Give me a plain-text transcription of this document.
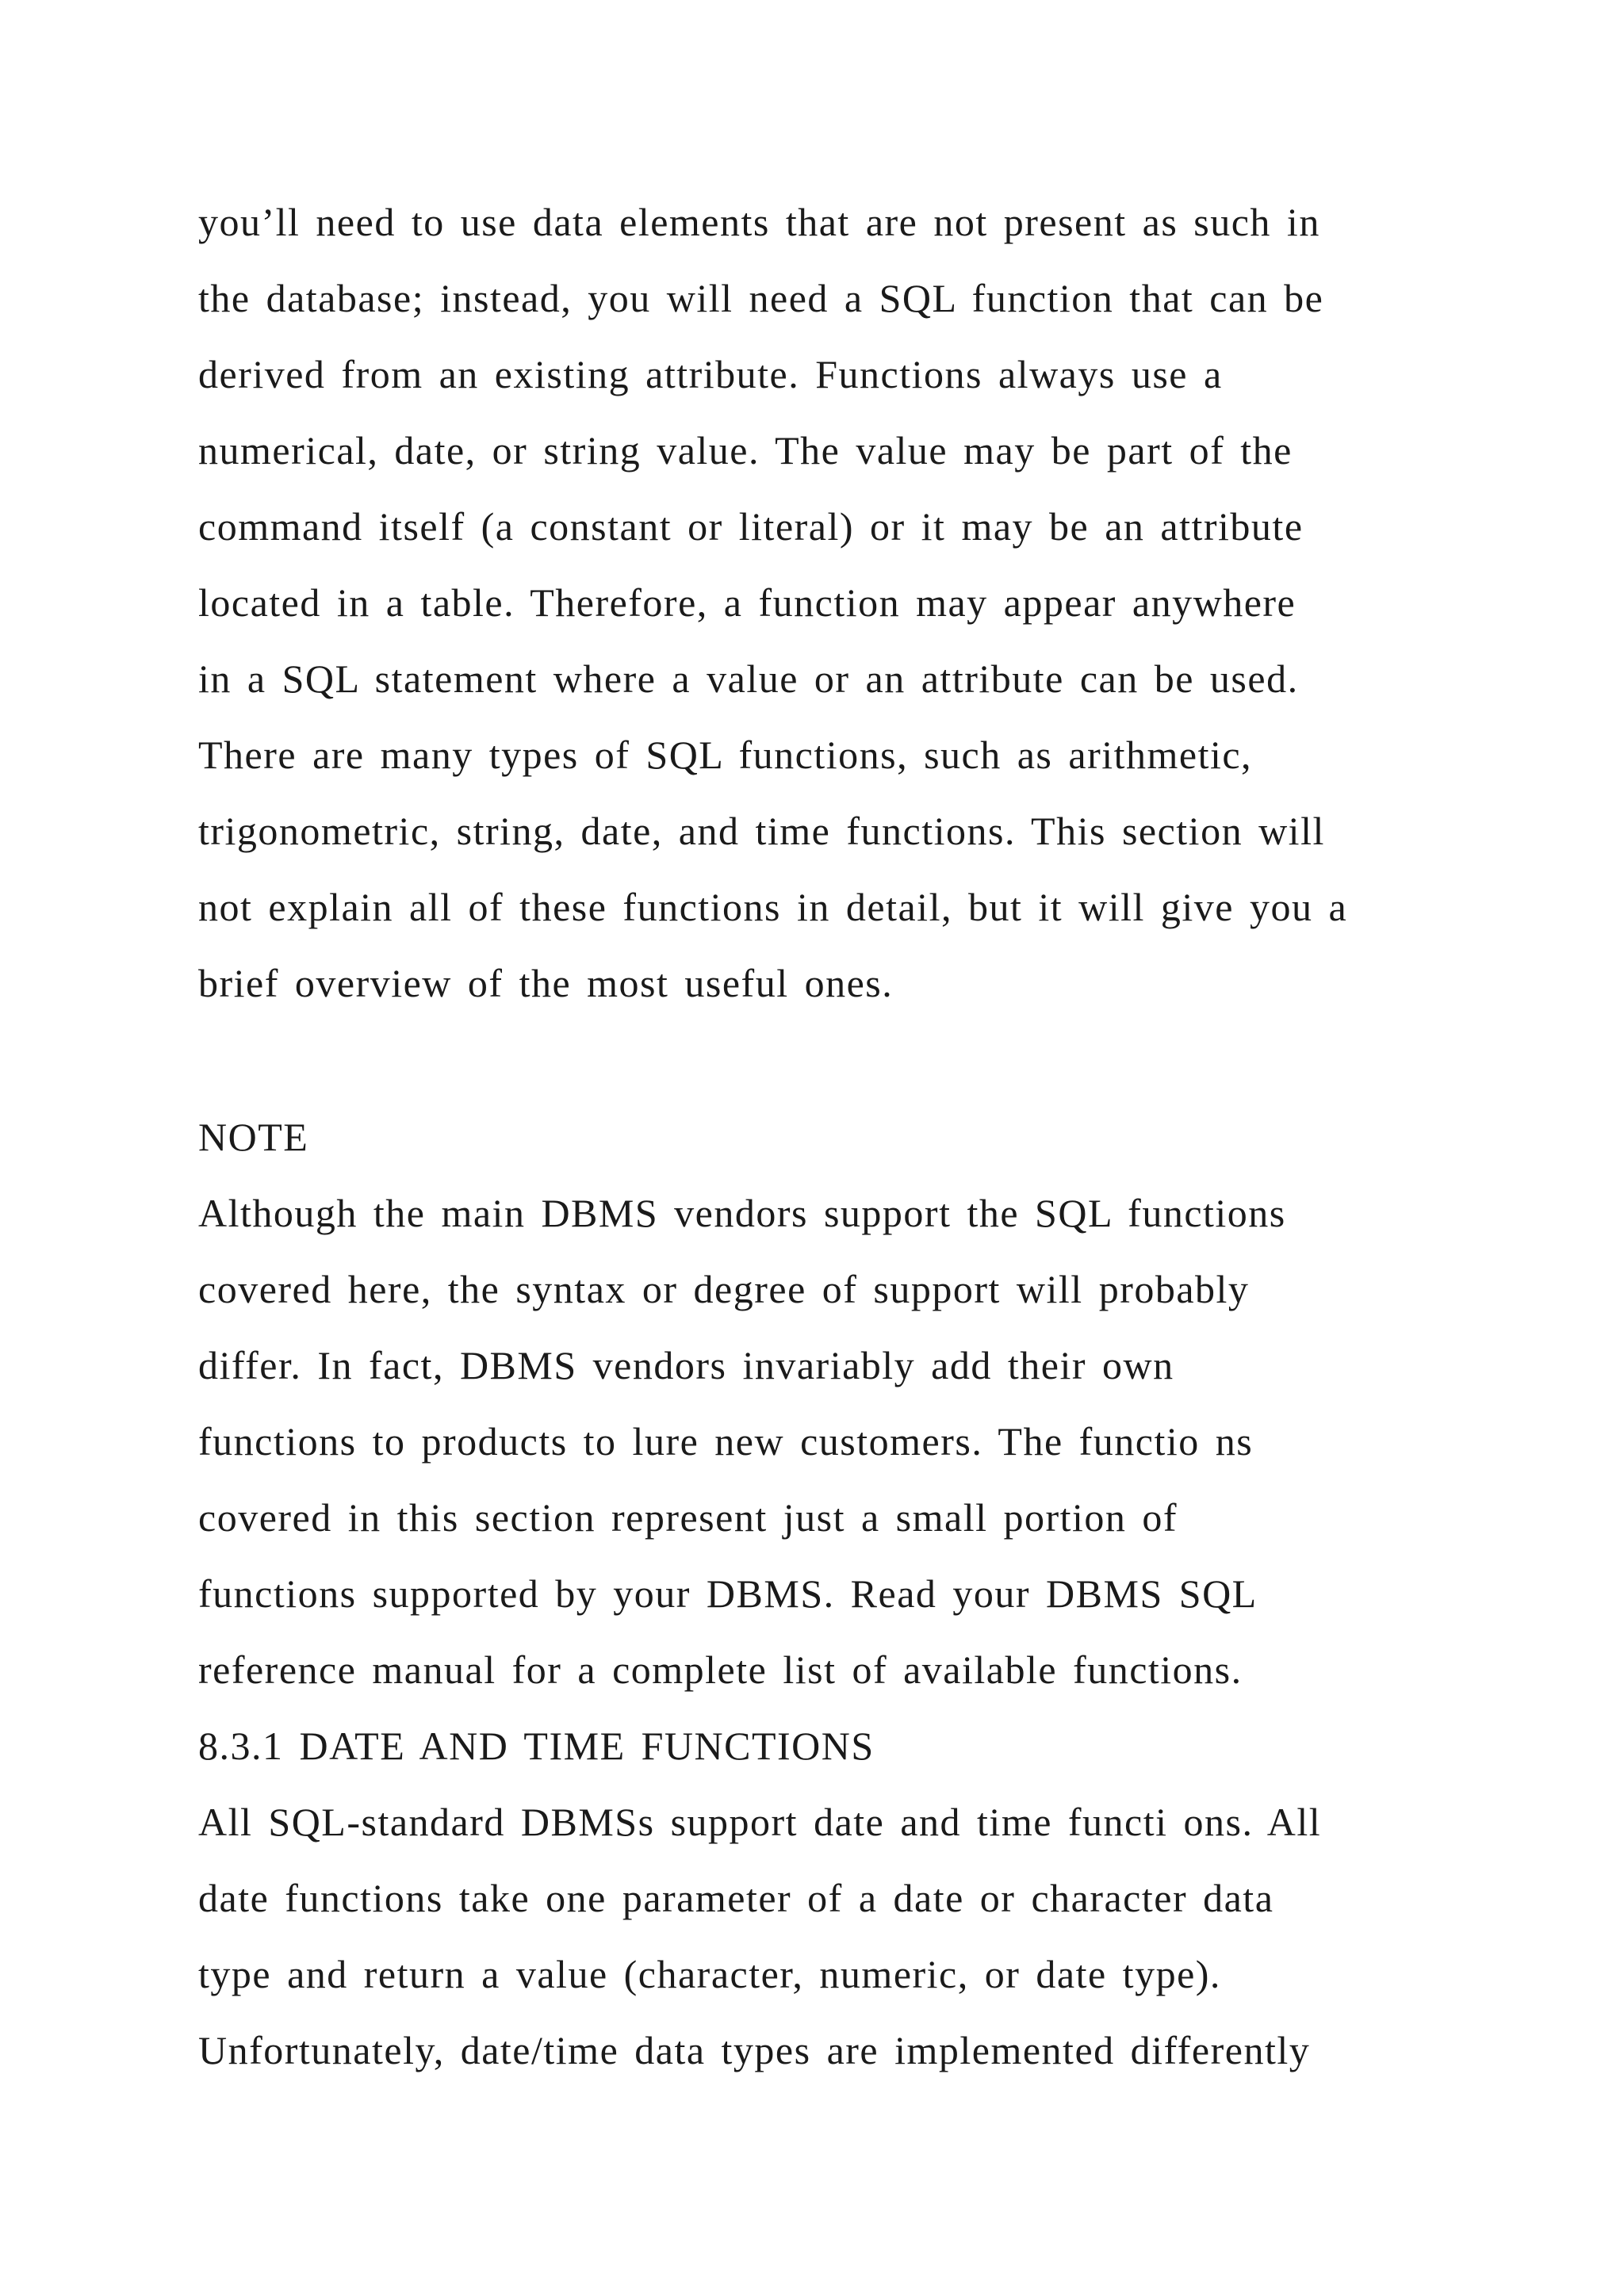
you’ll need to use data elements that are not present as such in
the database; instead, you will need a SQL function that can be
derived from an existing attribute. Functions always use a
numerical, date, or string value. The value may be part of the
command itself (a constant or literal) or it may be an attribute
located in a table. Therefore, a function may appear anywhere
in a SQL statement where a value or an attribute can be used.
There are many types of SQL functions, such as arithmetic,
trigonometric, string, date, and time functions. This section will
not explain all of these functions in detail, but it will give you a
brief overview of the most useful ones.
NOTE
Although the main DBMS vendors support the SQL functions
covered here, the syntax or degree of support will probably
differ. In fact, DBMS vendors invariably add their own
functions to products to lure new customers. The functio ns
covered in this section represent just a small portion of
functions supported by your DBMS. Read your DBMS SQL
reference manual for a complete list of available functions.
8.3.1 DATE AND TIME FUNCTIONS
All SQL-standard DBMSs support date and time functi ons. All
date functions take one parameter of a date or character data
type and return a value (character, numeric, or date type).
Unfortunately, date/time data types are implemented differently
